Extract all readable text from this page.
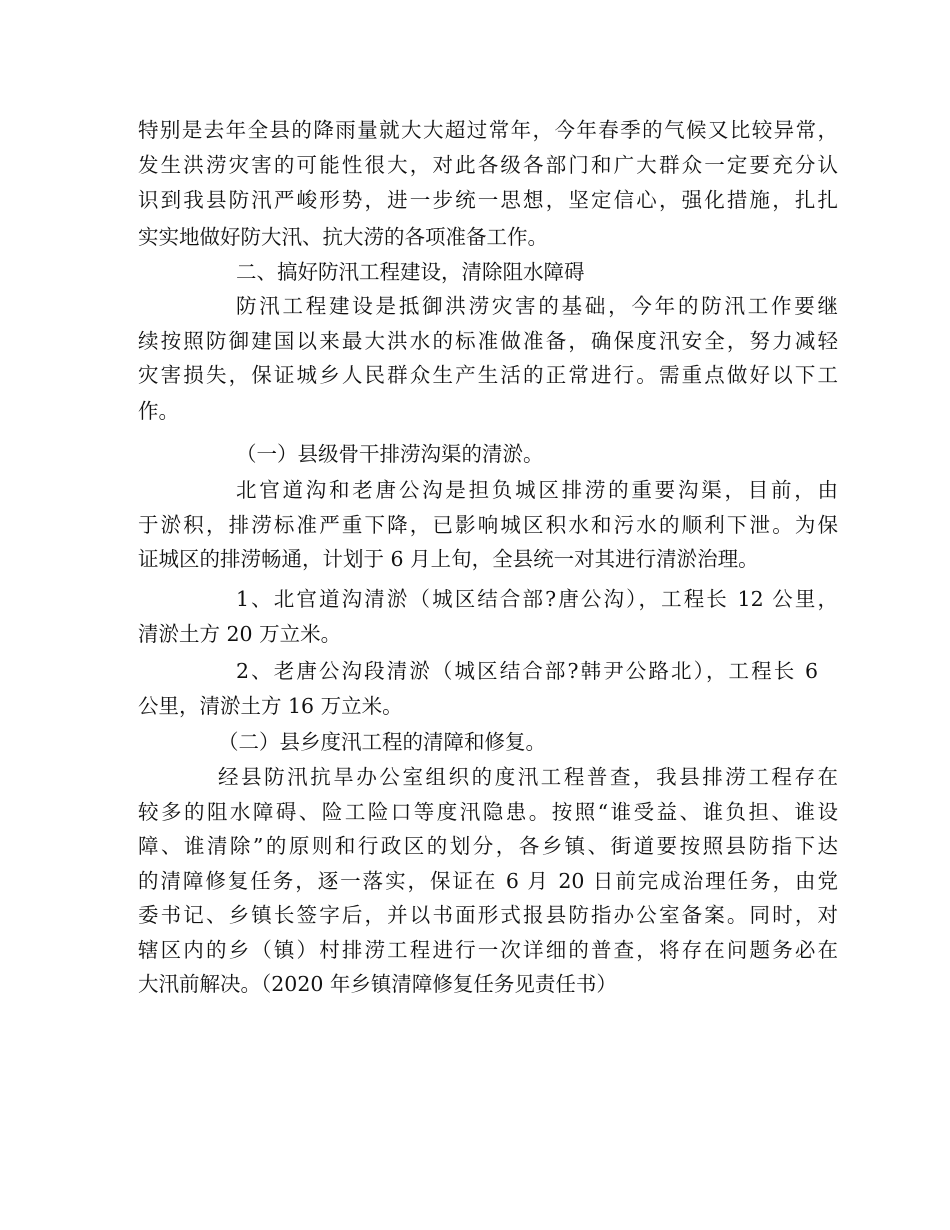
特别是去年全县的降雨量就大大超过常年，今年春季的气候又比较异常，

发生洪涝灾害的可能性很大，对此各级各部门和广大群众一定要充分认

识到我县防汛严峻形势，进一步统一思想，坚定信心，强化措施，扎扎

实实地做好防大汛、抗大涝的各项准备工作。

二、搞好防汛工程建设，清除阻水障碍

防汛工程建设是抵御洪涝灾害的基础，今年的防汛工作要继

续按照防御建国以来最大洪水的标准做准备，确保度汛安全，努力减轻

灾害损失，保证城乡人民群众生产生活的正常进行。需重点做好以下工

作。

（一）县级骨干排涝沟渠的清淤。

北官道沟和老唐公沟是担负城区排涝的重要沟渠，目前，由

于淤积，排涝标准严重下降，已影响城区积水和污水的顺利下泄。为保

证城区的排涝畅通，计划于 6 月上旬，全县统一对其进行清淤治理。

1、北官道沟清淤（城区结合部?唐公沟），工程长 12 公里，

清淤土方 20 万立米。

2、老唐公沟段清淤（城区结合部?韩尹公路北），工程长 6

公里，清淤土方 16 万立米。

（二）县乡度汛工程的清障和修复。

经县防汛抗旱办公室组织的度汛工程普查，我县排涝工程存在

较多的阻水障碍、险工险口等度汛隐患。按照“谁受益、谁负担、谁设

障、谁清除”的原则和行政区的划分，各乡镇、街道要按照县防指下达

的清障修复任务，逐一落实，保证在 6 月 20 日前完成治理任务，由党

委书记、乡镇长签字后，并以书面形式报县防指办公室备案。同时，对

辖区内的乡（镇）村排涝工程进行一次详细的普查，将存在问题务必在

大汛前解决。（2020 年乡镇清障修复任务见责任书）
